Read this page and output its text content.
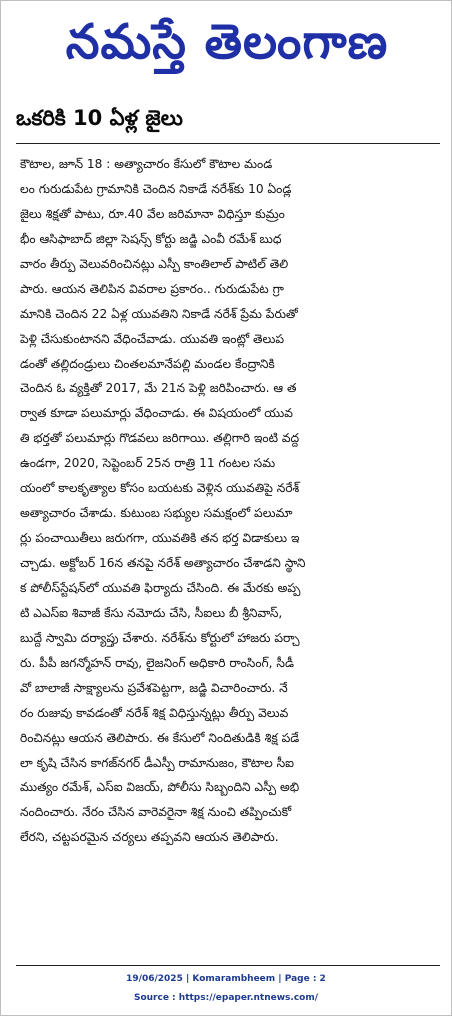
నమస్తే తెలంగాణ
ఒకరికి 10 ఏళ్ల జైలు
కౌటాల, జూన్ 18 : అత్యాచారం కేసులో కౌటాల మండ
లం గురుడుపేట గ్రామానికి చెందిన నికాడే నరేశ్‌కు 10 ఏండ్ల
జైలు శిక్షతో పాటు, రూ.40 వేల జరిమానా విధిస్తూ కుమ్రం
భీం ఆసిఫాబాద్ జిల్లా సెషన్స్ కోర్టు జడ్జి ఎంవీ రమేశ్ బుధ
వారం తీర్పు వెలువరించినట్లు ఎస్పీ కాంతిలాల్ పాటిల్ తెలి
పారు. ఆయన తెలిపిన వివరాల ప్రకారం.. గురుడుపేట గ్రా
మానికి చెందిన 22 ఏళ్ల యువతిని నికాడే నరేశ్ ప్రేమ పేరుతో
పెళ్లి చేసుకుంటానని వేధించేవాడు. యువతి ఇంట్లో తెలుప
డంతో తల్లిదండ్రులు చింతలమానేపల్లి మండల కేంద్రానికి
చెందిన ఓ వ్యక్తితో 2017, మే 21న పెళ్లి జరిపించారు. ఆ త
ర్వాత కూడా పలుమార్లు వేధించాడు. ఈ విషయంలో యువ
తి భర్తతో పలుమార్లు గొడవలు జరిగాయి. తల్లిగారి ఇంటి వద్ద
ఉండగా, 2020, సెప్టెంబర్ 25న రాత్రి 11 గంటల సమ
యంలో కాలకృత్యాల కోసం బయటకు వెళ్లిన యువతిపై నరేశ్
అత్యాచారం చేశాడు. కుటుంబ సభ్యుల సమక్షంలో పలుమా
ర్లు పంచాయితీలు జరుగగా, యువతికి తన భర్త విడాకులు ఇ
చ్చాడు. అక్టోబర్ 16న తనపై నరేశ్ అత్యాచారం చేశాడని స్థాని
క పోలీస్‌స్టేషన్‌లో యువతి ఫిర్యాదు చేసింది. ఈ మేరకు అప్ప
టి ఎఎస్ఐ శివాజీ కేసు నమోదు చేసి, సీఐలు బీ శ్రీనివాస్,
బుద్దే స్వామి దర్యాప్తు చేశారు. నరేశ్‌ను కోర్టులో హాజరు పర్చా
రు. పీపీ జగన్మోహన్ రావు, లైజనింగ్ అధికారి రాంసింగ్, సీడీ
వో బాలాజీ సాక్ష్యాలను ప్రవేశపెట్టగా, జడ్జి విచారించారు. నే
రం రుజువు కావడంతో నరేశ్ శిక్ష విధిస్తున్నట్లు తీర్పు వెలువ
రించినట్లు ఆయన తెలిపారు. ఈ కేసులో నిందితుడికి శిక్ష పడే
లా కృషి చేసిన కాగజ్‌నగర్ డీఎస్పీ రామానుజం, కౌటాల సీఐ
ముత్యం రమేశ్, ఎస్ఐ విజయ్, పోలీసు సిబ్బందిని ఎస్పీ అభి
నందించారు. నేరం చేసిన వారెవరైనా శిక్ష నుంచి తప్పించుకో
లేరని, చట్టపరమైన చర్యలు తప్పవని ఆయన తెలిపారు.
19/06/2025 | Komarambheem | Page : 2
Source : https://epaper.ntnews.com/
